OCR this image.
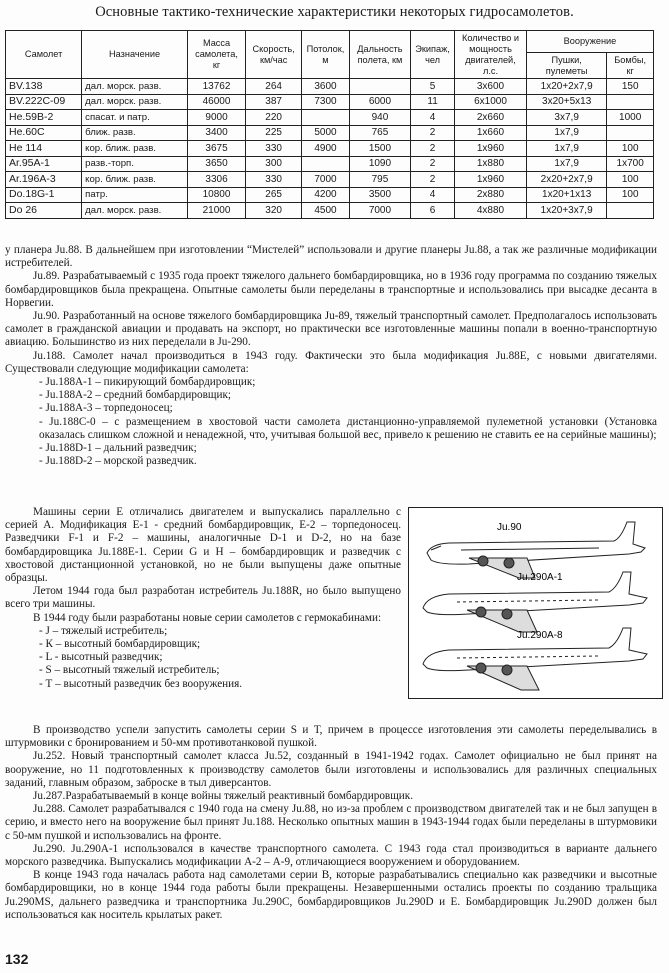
Основные тактико-технические характеристики некоторых гидросамолетов.
Самолет	Назначение	Масса самолета, кг	Скорость, км/час	Потолок, м	Дальность полета, км	Экипаж, чел	Количество и мощность двигателей, л.с.	Вооружение	
								Пушки, пулеметы	Бомбы, кг
BV.138	дал. морск. разв.	13762	264	3600		5	3х600	1х20+2х7,9	150
BV.222С-09	дал. морск. разв.	46000	387	7300	6000	11	6х1000	3х20+5х13	
Не.59В-2	спасат. и патр.	9000	220		940	4	2х660	3х7,9	1000
Не.60С	ближ. разв.	3400	225	5000	765	2	1х660	1х7,9	
Не 114	кор. ближ. разв.	3675	330	4900	1500	2	1х960	1х7,9	100
Аr.95А-1	разв.-торп.	3650	300		1090	2	1х880	1х7,9	1х700
Аr.196А-3	кор. ближ. разв.	3306	330	7000	795	2	1х960	2х20+2х7,9	100
Do.18G-1	патр.	10800	265	4200	3500	4	2х880	1х20+1х13	100
Do 26	дал. морск. разв.	21000	320	4500	7000	6	4х880	1х20+3х7,9	

у планера Ju.88. В дальнейшем при изготовлении “Мистелей” использовали и другие планеры Ju.88, а так же различные модификации истребителей.

Ju.89. Разрабатываемый с 1935 года проект тяжелого дальнего бомбардировщика, но в 1936 году программа по созданию тяжелых бомбардировщиков была прекращена. Опытные самолеты были переделаны в транспортные и использовались при высадке десанта в Норвегии.

Ju.90. Разработанный на основе тяжелого бомбардировщика Ju-89, тяжелый транспортный самолет. Предполагалось использовать самолет в гражданской авиации и продавать на экспорт, но практически все изготовленные машины попали в военно-транспортную авиацию. Большинство из них переделали в Ju-290.

Ju.188. Самолет начал производиться в 1943 году. Фактически это была модификация Ju.88Е, с новыми двигателями. Существовали следующие модификации самолета:

- Ju.188А-1 – пикирующий бомбардировщик;

- Ju.188А-2 – средний бомбардировщик;

- Ju.188А-3 – торпедоносец;

- Ju.188С-0 – с размещением в хвостовой части самолета дистанционно-управляемой пулеметной установки (Установка оказалась слишком сложной и ненадежной, что, учитывая большой вес, привело к решению не ставить ее на серийные машины);

- Ju.188D-1 – дальний разведчик;

- Ju.188D-2 – морской разведчик.

Машины серии Е отличались двигателем и выпускались параллельно с серией А. Модификация Е-1 - средний бомбардировщик, Е-2 – торпедоносец. Разведчики F-1 и F-2 – машины, аналогичные D-1 и D-2, но на базе бомбардировщика Ju.188Е-1. Серии G и Н – бомбардировщик и разведчик с хвостовой дистанционной установкой, но не были выпущены даже опытные образцы.

Летом 1944 года был разработан истребитель Ju.188R, но было выпущено всего три машины.

В 1944 году были разработаны новые серии самолетов с гермокабинами:

- J – тяжелый истребитель;

- К – высотный бомбардировщик;

- L - высотный разведчик;

- S – высотный тяжелый истребитель;

- Т – высотный разведчик без вооружения.

Ju.90
Ju.290A-1
Ju.290A-8

В производство успели запустить самолеты серии S и Т, причем в процессе изготовления эти самолеты переделывались в штурмовики с бронированием и 50-мм противотанковой пушкой.

Ju.252. Новый транспортный самолет класса Ju.52, созданный в 1941-1942 годах. Самолет официально не был принят на вооружение, но 11 подготовленных к производству самолетов были изготовлены и использовались для различных специальных заданий, главным образом, заброске в тыл диверсантов.

Ju.287.Разрабатываемый в конце войны тяжелый реактивный бомбардировщик.

Ju.288. Самолет разрабатывался с 1940 года на смену Ju.88, но из-за проблем с производством двигателей так и не был запущен в серию, и вместо него на вооружение был принят Ju.188. Несколько опытных машин в 1943-1944 годах были переделаны в штурмовики с 50-мм пушкой и использовались на фронте.

Ju.290. Ju.290А-1 использовался в качестве транспортного самолета. С 1943 года стал производиться в варианте дальнего морского разведчика. Выпускались модификации А-2 – А-9, отличающиеся вооружением и оборудованием.

В конце 1943 года началась работа над самолетами серии В, которые разрабатывались специально как разведчики и высотные бомбардировщики, но в конце 1944 года работы были прекращены. Незавершенными остались проекты по созданию тральщика Ju.290MS, дальнего разведчика и транспортника Ju.290С, бомбардировщиков Ju.290D и Е. Бомбардировщик Ju.290D должен был использоваться как носитель крылатых ракет.

132
